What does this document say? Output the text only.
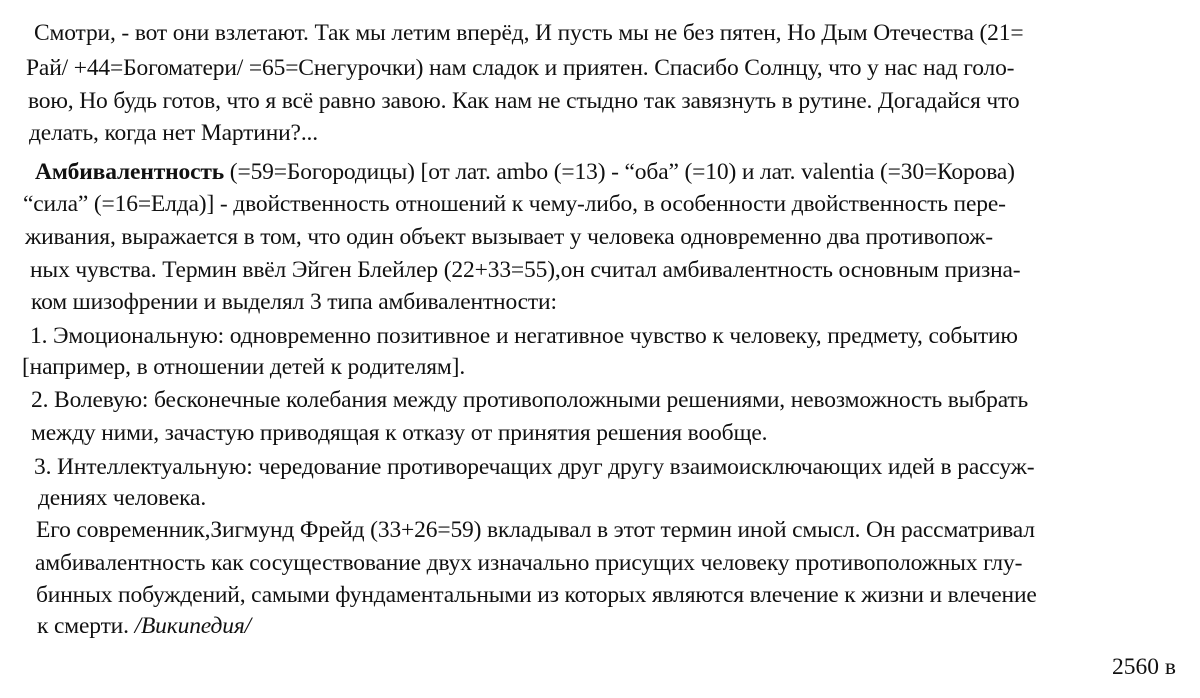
Смотри, - вот они взлетают. Так мы летим вперёд, И пусть мы не без пятен, Но Дым Отечества (21=
Рай/ +44=Богоматери/ =65=Снегурочки) нам сладок и приятен. Спасибо Солнцу, что у нас над голо-
вою, Но будь готов, что я всё равно завою. Как нам не стыдно так завязнуть в рутине. Догадайся что
делать, когда нет Мартини?...
Амбивалентность (=59=Богородицы) [от лат. ambo (=13) - “оба” (=10) и лат. valentia (=30=Корова)
“сила” (=16=Елда)] - двойственность отношений к чему-либо, в особенности двойственность пере-
живания, выражается в том, что один объект вызывает у человека одновременно два противопож-
ных чувства. Термин ввёл Эйген Блейлер (22+33=55),он считал амбивалентность основным призна-
ком шизофрении и выделял 3 типа амбивалентности:
1. Эмоциональную: одновременно позитивное и негативное чувство к человеку, предмету, событию
[например, в отношении детей к родителям].
2. Волевую: бесконечные колебания между противоположными решениями, невозможность выбрать
между ними, зачастую приводящая к отказу от принятия решения вообще.
3. Интеллектуальную: чередование противоречащих друг другу взаимоисключающих идей в рассуж-
дениях человека.
Его современник,Зигмунд Фрейд (33+26=59) вкладывал в этот термин иной смысл. Он рассматривал
амбивалентность как сосуществование двух изначально присущих человеку противоположных глу-
бинных побуждений, самыми фундаментальными из которых являются влечение к жизни и влечение
к смерти. /Википедия/
2560 в
